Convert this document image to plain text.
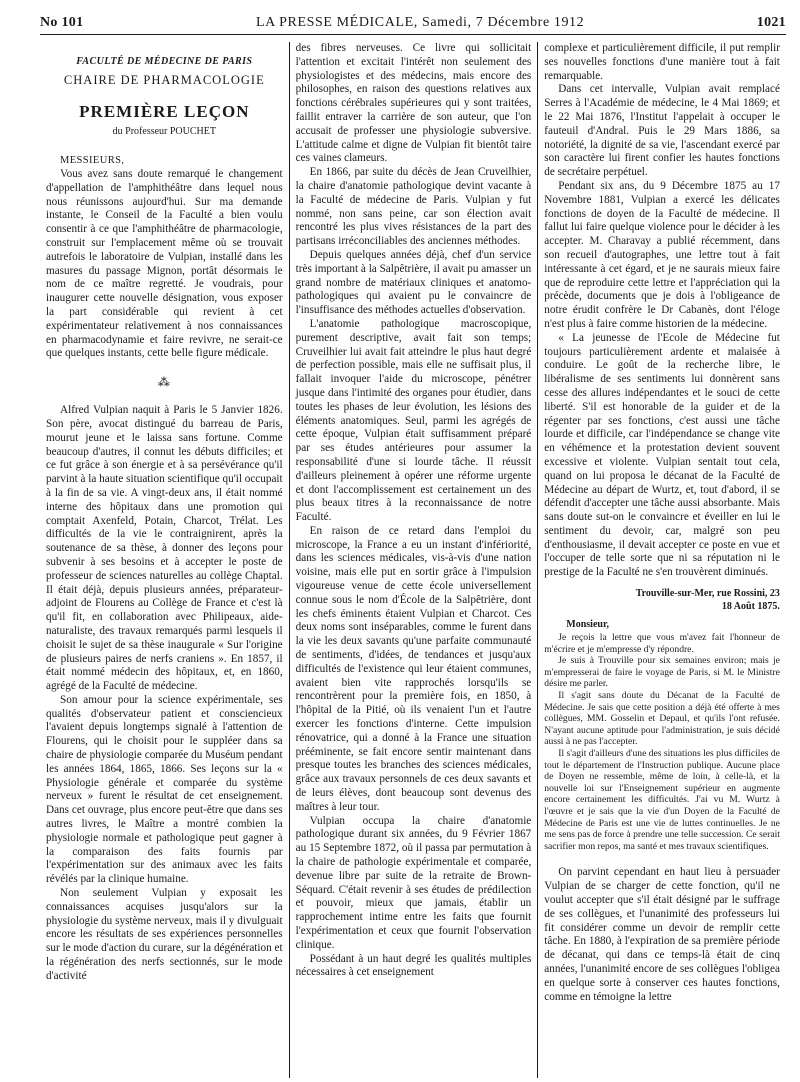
No 101	LA PRESSE MÉDICALE, Samedi, 7 Décembre 1912	1021
FACULTÉ DE MÉDECINE DE PARIS
CHAIRE DE PHARMACOLOGIE
PREMIÈRE LEÇON
du Professeur POUCHET
MESSIEURS,

Vous avez sans doute remarqué le changement d'appellation de l'amphithéâtre dans lequel nous nous réunissons aujourd'hui. Sur ma demande instante, le Conseil de la Faculté a bien voulu consentir à ce que l'amphithéâtre de pharmacologie, construit sur l'emplacement même où se trouvait autrefois le laboratoire de Vulpian, installé dans les masures du passage Mignon, portât désormais le nom de ce maître regretté. Je voudrais, pour inaugurer cette nouvelle désignation, vous exposer la part considérable qui revient à cet expérimentateur relativement à nos connaissances en pharmacodynamie et faire revivre, ne serait-ce que quelques instants, cette belle figure médicale.

⁂

Alfred Vulpian naquit à Paris le 5 Janvier 1826. Son père, avocat distingué du barreau de Paris, mourut jeune et le laissa sans fortune. Comme beaucoup d'autres, il connut les débuts difficiles; et ce fut grâce à son énergie et à sa persévérance qu'il parvint à la haute situation scientifique qu'il occupait à la fin de sa vie. A vingt-deux ans, il était nommé interne des hôpitaux dans une promotion qui comptait Axenfeld, Potain, Charcot, Trélat. Les difficultés de la vie le contraignirent, après la soutenance de sa thèse, à donner des leçons pour subvenir à ses besoins et à accepter le poste de professeur de sciences naturelles au collège Chaptal. Il était déjà, depuis plusieurs années, préparateur-adjoint de Flourens au Collège de France et c'est là qu'il fit, en collaboration avec Philipeaux, aide-naturaliste, des travaux remarqués parmi lesquels il choisit le sujet de sa thèse inaugurale « Sur l'origine de plusieurs paires de nerfs craniens ». En 1857, il était nommé médecin des hôpitaux, et, en 1860, agrégé de la Faculté de médecine.

Son amour pour la science expérimentale, ses qualités d'observateur patient et consciencieux l'avaient depuis longtemps signalé à l'attention de Flourens, qui le choisit pour le suppléer dans sa chaire de physiologie comparée du Muséum pendant les années 1864, 1865, 1866. Ses leçons sur la « Physiologie générale et comparée du système nerveux » furent le résultat de cet enseignement. Dans cet ouvrage, plus encore peut-être que dans ses autres livres, le Maître a montré combien la physiologie normale et pathologique peut gagner à la comparaison des faits fournis par l'expérimentation sur des animaux avec les faits révélés par la clinique humaine.

Non seulement Vulpian y exposait les connaissances acquises jusqu'alors sur la physiologie du système nerveux, mais il y divulguait encore les résultats de ses expériences personnelles sur le mode d'action du curare, sur la dégénération et la régénération des nerfs sectionnés, sur le mode d'activité

des fibres nerveuses. Ce livre qui sollicitait l'attention et excitait l'intérêt non seulement des physiologistes et des médecins, mais encore des philosophes, en raison des questions relatives aux fonctions cérébrales supérieures qui y sont traitées, faillit entraver la carrière de son auteur, que l'on accusait de professer une physiologie subversive. L'attitude calme et digne de Vulpian fit bientôt taire ces vaines clameurs.

En 1866, par suite du décès de Jean Cruveilhier, la chaire d'anatomie pathologique devint vacante à la Faculté de médecine de Paris. Vulpian y fut nommé, non sans peine, car son élection avait rencontré les plus vives résistances de la part des partisans irréconciliables des anciennes méthodes.

Depuis quelques années déjà, chef d'un service très important à la Salpêtrière, il avait pu amasser un grand nombre de matériaux cliniques et anatomo-pathologiques qui avaient pu le convaincre de l'insuffisance des méthodes actuelles d'observation.

L'anatomie pathologique macroscopique, purement descriptive, avait fait son temps; Cruveilhier lui avait fait atteindre le plus haut degré de perfection possible, mais elle ne suffisait plus, il fallait invoquer l'aide du microscope, pénétrer jusque dans l'intimité des organes pour étudier, dans toutes les phases de leur évolution, les lésions des éléments anatomiques. Seul, parmi les agrégés de cette époque, Vulpian était suffisamment préparé par ses études antérieures pour assumer la responsabilité d'une si lourde tâche. Il réussit d'ailleurs pleinement à opérer une réforme urgente et dont l'accomplissement est certainement un des plus beaux titres à la reconnaissance de notre Faculté.

En raison de ce retard dans l'emploi du microscope, la France a eu un instant d'infériorité, dans les sciences médicales, vis-à-vis d'une nation voisine, mais elle put en sortir grâce à l'impulsion vigoureuse venue de cette école universellement connue sous le nom d'École de la Salpêtrière, dont les chefs éminents étaient Vulpian et Charcot. Ces deux noms sont inséparables, comme le furent dans la vie les deux savants qu'une parfaite communauté de sentiments, d'idées, de tendances et jusqu'aux difficultés de l'existence qui leur étaient communes, avaient bien vite rapprochés lorsqu'ils se rencontrèrent pour la première fois, en 1850, à l'hôpital de la Pitié, où ils venaient l'un et l'autre exercer les fonctions d'interne. Cette impulsion rénovatrice, qui a donné à la France une situation prééminente, se fait encore sentir maintenant dans presque toutes les branches des sciences médicales, grâce aux travaux personnels de ces deux savants et de leurs élèves, dont beaucoup sont devenus des maîtres à leur tour.

Vulpian occupa la chaire d'anatomie pathologique durant six années, du 9 Février 1867 au 15 Septembre 1872, où il passa par permutation à la chaire de pathologie expérimentale et comparée, devenue libre par suite de la retraite de Brown-Séquard. C'était revenir à ses études de prédilection et pouvoir, mieux que jamais, établir un rapprochement intime entre les faits que fournit l'expérimentation et ceux que fournit l'observation clinique.

Possédant à un haut degré les qualités multiples nécessaires à cet enseignement

complexe et particulièrement difficile, il put remplir ses nouvelles fonctions d'une manière tout à fait remarquable.

Dans cet intervalle, Vulpian avait remplacé Serres à l'Académie de médecine, le 4 Mai 1869; et le 22 Mai 1876, l'Institut l'appelait à occuper le fauteuil d'Andral. Puis le 29 Mars 1886, sa notoriété, la dignité de sa vie, l'ascendant exercé par son caractère lui firent confier les hautes fonctions de secrétaire perpétuel.

Pendant six ans, du 9 Décembre 1875 au 17 Novembre 1881, Vulpian a exercé les délicates fonctions de doyen de la Faculté de médecine. Il fallut lui faire quelque violence pour le décider à les accepter. M. Charavay a publié récemment, dans son recueil d'autographes, une lettre tout à fait intéressante à cet égard, et je ne saurais mieux faire que de reproduire cette lettre et l'appréciation qui la précède, documents que je dois à l'obligeance de notre érudit confrère le Dr Cabanès, dont l'éloge n'est plus à faire comme historien de la médecine.

« La jeunesse de l'Ecole de Médecine fut toujours particulièrement ardente et malaisée à conduire. Le goût de la recherche libre, le libéralisme de ses sentiments lui donnèrent sans cesse des allures indépendantes et le souci de cette liberté. S'il est honorable de la guider et de la régenter par ses fonctions, c'est aussi une tâche lourde et difficile, car l'indépendance se change vite en véhémence et la protestation devient souvent excessive et violente. Vulpian sentait tout cela, quand on lui proposa le décanat de la Faculté de Médecine au départ de Wurtz, et, tout d'abord, il se défendit d'accepter une tâche aussi absorbante. Mais sans doute sut-on le convaincre et éveiller en lui le sentiment du devoir, car, malgré son peu d'enthousiasme, il devait accepter ce poste en vue et l'occuper de telle sorte que ni sa réputation ni le prestige de la Faculté ne s'en trouvèrent diminués.

Trouville-sur-Mer, rue Rossini, 23
18 Août 1875.
Monsieur,

Je reçois la lettre que vous m'avez fait l'honneur de m'écrire et je m'empresse d'y répondre.

Je suis à Trouville pour six semaines environ; mais je m'empresserai de faire le voyage de Paris, si M. le Ministre désire me parler.

Il s'agit sans doute du Décanat de la Faculté de Médecine. Je sais que cette position a déjà été offerte à mes collègues, MM. Gosselin et Depaul, et qu'ils l'ont refusée. N'ayant aucune aptitude pour l'administration, je suis décidé aussi à ne pas l'accepter.

Il s'agit d'ailleurs d'une des situations les plus difficiles de tout le département de l'Instruction publique. Aucune place de Doyen ne ressemble, même de loin, à celle-là, et la nouvelle loi sur l'Enseignement supérieur en augmente encore certainement les difficultés. J'ai vu M. Wurtz à l'œuvre et je sais que la vie d'un Doyen de la Faculté de Médecine de Paris est une vie de luttes continuelles. Je ne me sens pas de force à prendre une telle succession. Ce serait sacrifier mon repos, ma santé et mes travaux scientifiques.

On parvint cependant en haut lieu à persuader Vulpian de se charger de cette fonction, qu'il ne voulut accepter que s'il était désigné par le suffrage de ses collègues, et l'unanimité des professeurs lui fit considérer comme un devoir de remplir cette tâche. En 1880, à l'expiration de sa première période de décanat, qui dans ce temps-là était de cinq années, l'unanimité encore de ses collègues l'obligea en quelque sorte à conserver ces hautes fonctions, comme en témoigne la lettre
